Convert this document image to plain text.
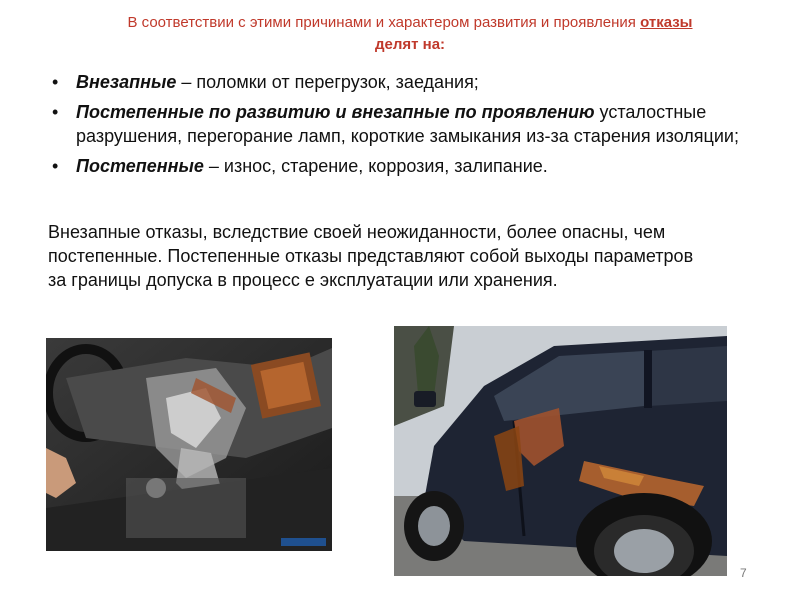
В соответствии с этими причинами и характером развития и проявления отказы
делят на:
• Внезапные – поломки от перегрузок, заедания;
• Постепенные по развитию и внезапные по проявлению усталостные разрушения, перегорание ламп, короткие замыкания из-за старения изоляции;
• Постепенные – износ, старение, коррозия, залипание.
Внезапные отказы, вследствие своей неожиданности, более опасны, чем постепенные. Постепенные отказы представляют собой выходы параметров за границы допуска в процесс е эксплуатации или хранения.
7
